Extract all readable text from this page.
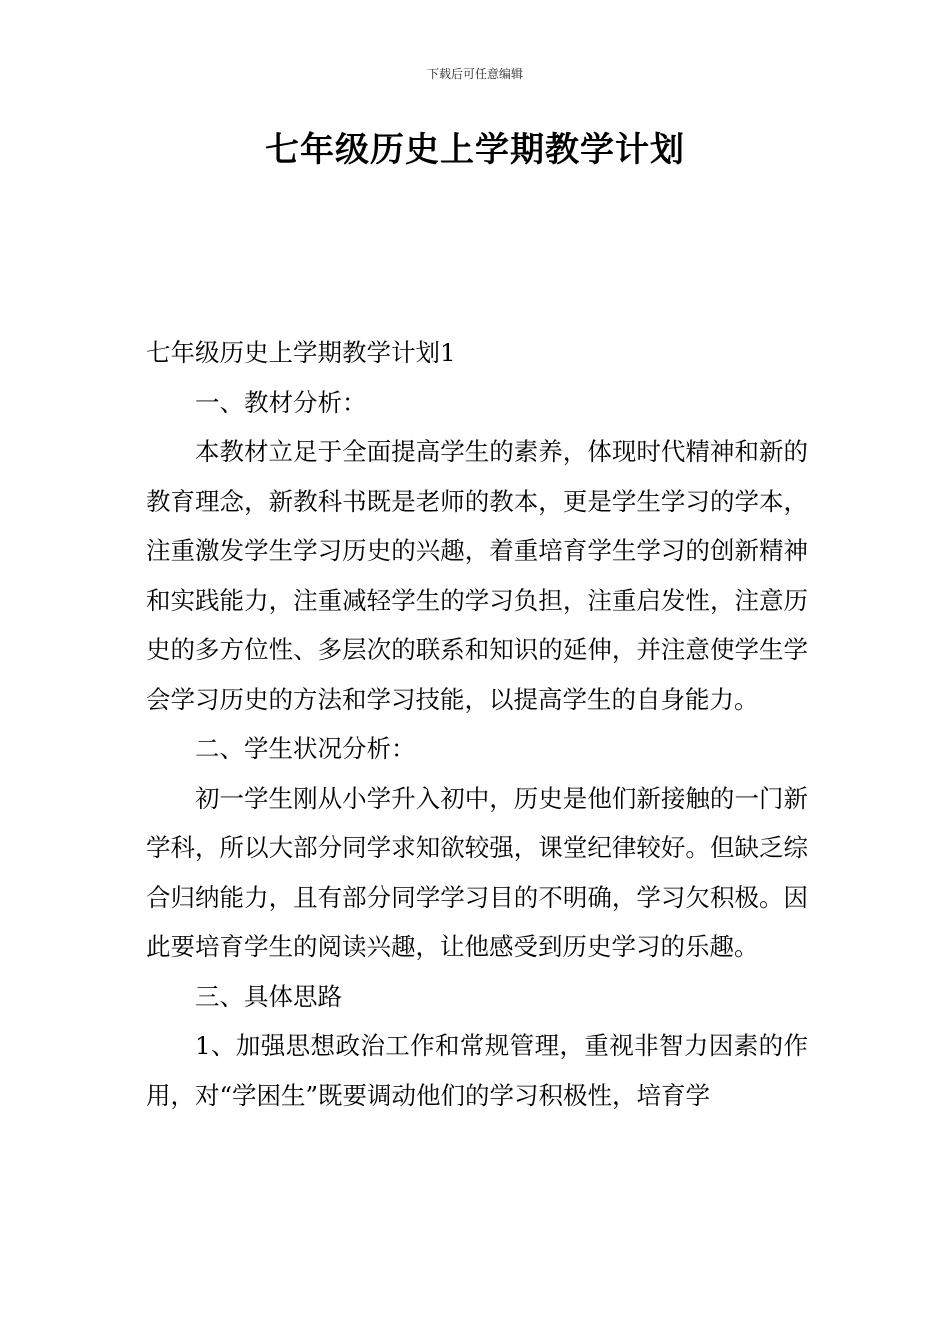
下载后可任意编辑
七年级历史上学期教学计划

七年级历史上学期教学计划1

一、教材分析：

本教材立足于全面提高学生的素养，体现时代精神和新的教育理念，新教科书既是老师的教本，更是学生学习的学本，注重激发学生学习历史的兴趣，着重培育学生学习的创新精神和实践能力，注重减轻学生的学习负担，注重启发性，注意历史的多方位性、多层次的联系和知识的延伸，并注意使学生学会学习历史的方法和学习技能，以提高学生的自身能力。

二、学生状况分析：

初一学生刚从小学升入初中，历史是他们新接触的一门新学科，所以大部分同学求知欲较强，课堂纪律较好。但缺乏综合归纳能力，且有部分同学学习目的不明确，学习欠积极。因此要培育学生的阅读兴趣，让他感受到历史学习的乐趣。

三、具体思路

1、加强思想政治工作和常规管理，重视非智力因素的作用，对“学困生”既要调动他们的学习积极性，培育学
